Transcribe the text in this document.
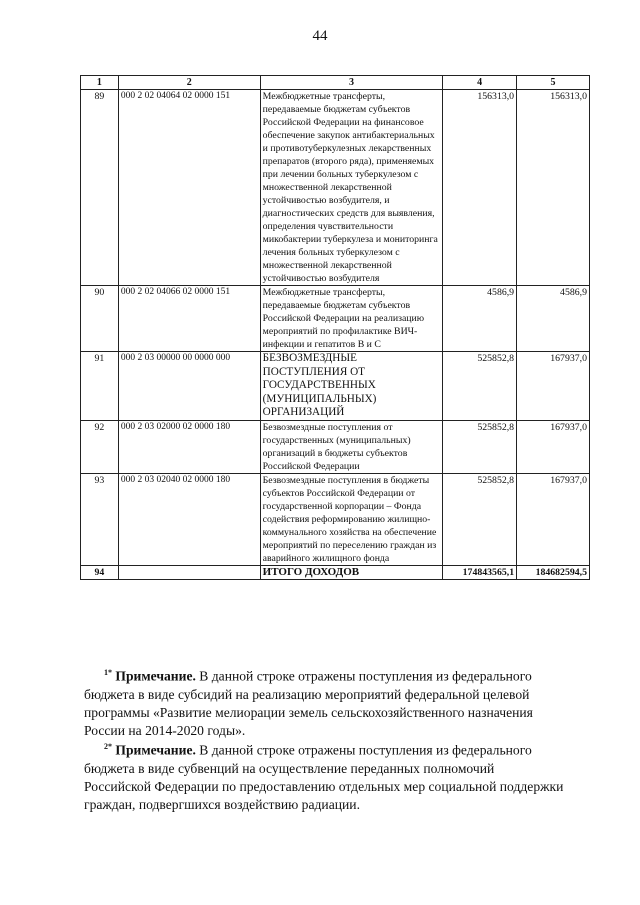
44
1	2	3	4	5
89	000 2 02 04064 02 0000 151	Межбюджетные трансферты, передаваемые бюджетам субъектов Российской Федерации на финансовое обеспечение закупок антибактериальных и противотуберкулезных лекарственных препаратов (второго ряда), применяемых при лечении больных туберкулезом с множественной лекарственной устойчивостью возбудителя, и диагностических средств для выявления, определения чувствительности микобактерии туберкулеза и мониторинга лечения больных туберкулезом с множественной лекарственной устойчивостью возбудителя	156313,0	156313,0
90	000 2 02 04066 02 0000 151	Межбюджетные трансферты, передаваемые бюджетам субъектов Российской Федерации на реализацию мероприятий по профилактике ВИЧ-инфекции и гепатитов В и С	4586,9	4586,9
91	000 2 03 00000 00 0000 000	БЕЗВОЗМЕЗДНЫЕ ПОСТУПЛЕНИЯ ОТ ГОСУДАРСТВЕННЫХ (МУНИЦИПАЛЬНЫХ) ОРГАНИЗАЦИЙ	525852,8	167937,0
92	000 2 03 02000 02 0000 180	Безвозмездные поступления от государственных (муниципальных) организаций в бюджеты субъектов Российской Федерации	525852,8	167937,0
93	000 2 03 02040 02 0000 180	Безвозмездные поступления в бюджеты субъектов Российской Федерации от государственной корпорации – Фонда содействия реформированию жилищно-коммунального хозяйства на обеспечение мероприятий по переселению граждан из аварийного жилищного фонда	525852,8	167937,0
94		ИТОГО ДОХОДОВ	174843565,1	184682594,5
$^{1*}$ Примечание. В данной строке отражены поступления из федерального бюджета в виде субсидий на реализацию мероприятий федеральной целевой программы «Развитие мелиорации земель сельскохозяйственного назначения России на 2014-2020 годы».
$^{2*}$ Примечание. В данной строке отражены поступления из федерального бюджета в виде субвенций на осуществление переданных полномочий Российской Федерации по предоставлению отдельных мер социальной поддержки граждан, подвергшихся воздействию радиации.
